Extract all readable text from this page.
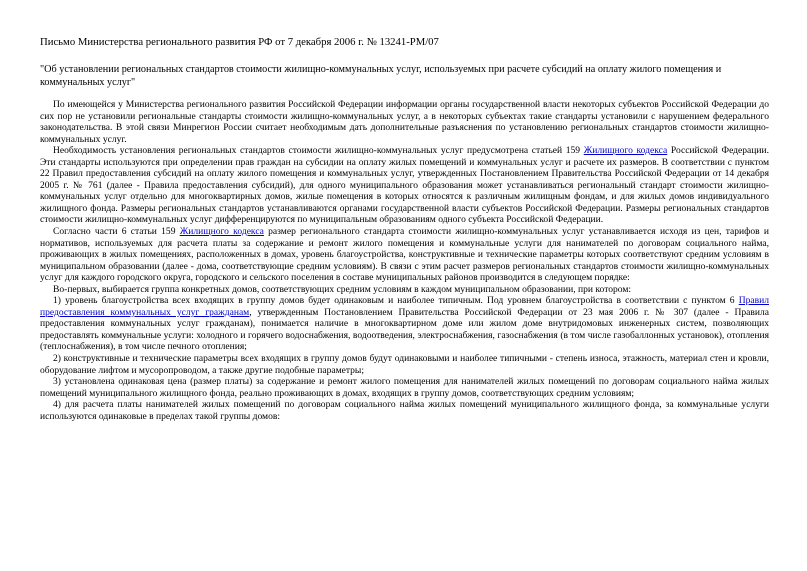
Письмо Министерства регионального развития РФ от 7 декабря 2006 г. № 13241-РМ/07
"Об установлении региональных стандартов стоимости жилищно-коммунальных услуг, используемых при расчете субсидий на оплату жилого помещения и коммунальных услуг"

По имеющейся у Министерства регионального развития Российской Федерации информации органы государственной власти некоторых субъектов Российской Федерации до сих пор не установили региональные стандарты стоимости жилищно-коммунальных услуг, а в некоторых субъектах такие стандарты установили с нарушением федерального законодательства. В этой связи Минрегион России считает необходимым дать дополнительные разъяснения по установлению региональных стандартов стоимости жилищно-коммунальных услуг.

Необходимость установления региональных стандартов стоимости жилищно-коммунальных услуг предусмотрена статьей 159 Жилищного кодекса Российской Федерации. Эти стандарты используются при определении прав граждан на субсидии на оплату жилых помещений и коммунальных услуг и расчете их размеров. В соответствии с пунктом 22 Правил предоставления субсидий на оплату жилого помещения и коммунальных услуг, утвержденных Постановлением Правительства Российской Федерации от 14 декабря 2005 г. № 761 (далее - Правила предоставления субсидий), для одного муниципального образования может устанавливаться региональный стандарт стоимости жилищно-коммунальных услуг отдельно для многоквартирных домов, жилые помещения в которых относятся к различным жилищным фондам, и для жилых домов индивидуального жилищного фонда. Размеры региональных стандартов устанавливаются органами государственной власти субъектов Российской Федерации. Размеры региональных стандартов стоимости жилищно-коммунальных услуг дифференцируются по муниципальным образованиям одного субъекта Российской Федерации.

Согласно части 6 статьи 159 Жилищного кодекса размер регионального стандарта стоимости жилищно-коммунальных услуг устанавливается исходя из цен, тарифов и нормативов, используемых для расчета платы за содержание и ремонт жилого помещения и коммунальные услуги для нанимателей по договорам социального найма, проживающих в жилых помещениях, расположенных в домах, уровень благоустройства, конструктивные и технические параметры которых соответствуют средним условиям в муниципальном образовании (далее - дома, соответствующие средним условиям). В связи с этим расчет размеров региональных стандартов стоимости жилищно-коммунальных услуг для каждого городского округа, городского и сельского поселения в составе муниципальных районов производится в следующем порядке:

Во-первых, выбирается группа конкретных домов, соответствующих средним условиям в каждом муниципальном образовании, при котором:

1) уровень благоустройства всех входящих в группу домов будет одинаковым и наиболее типичным. Под уровнем благоустройства в соответствии с пунктом 6 Правил предоставления коммунальных услуг гражданам, утвержденным Постановлением Правительства Российской Федерации от 23 мая 2006 г. № 307 (далее - Правила предоставления коммунальных услуг гражданам), понимается наличие в многоквартирном доме или жилом доме внутридомовых инженерных систем, позволяющих предоставлять коммунальные услуги: холодного и горячего водоснабжения, водоотведения, электроснабжения, газоснабжения (в том числе газобаллонных установок), отопления (теплоснабжения), в том числе печного отопления;

2) конструктивные и технические параметры всех входящих в группу домов будут одинаковыми и наиболее типичными - степень износа, этажность, материал стен и кровли, оборудование лифтом и мусоропроводом, а также другие подобные параметры;

3) установлена одинаковая цена (размер платы) за содержание и ремонт жилого помещения для нанимателей жилых помещений по договорам социального найма жилых помещений муниципального жилищного фонда, реально проживающих в домах, входящих в группу домов, соответствующих средним условиям;

4) для расчета платы нанимателей жилых помещений по договорам социального найма жилых помещений муниципального жилищного фонда, за коммунальные услуги используются одинаковые в пределах такой группы домов:
